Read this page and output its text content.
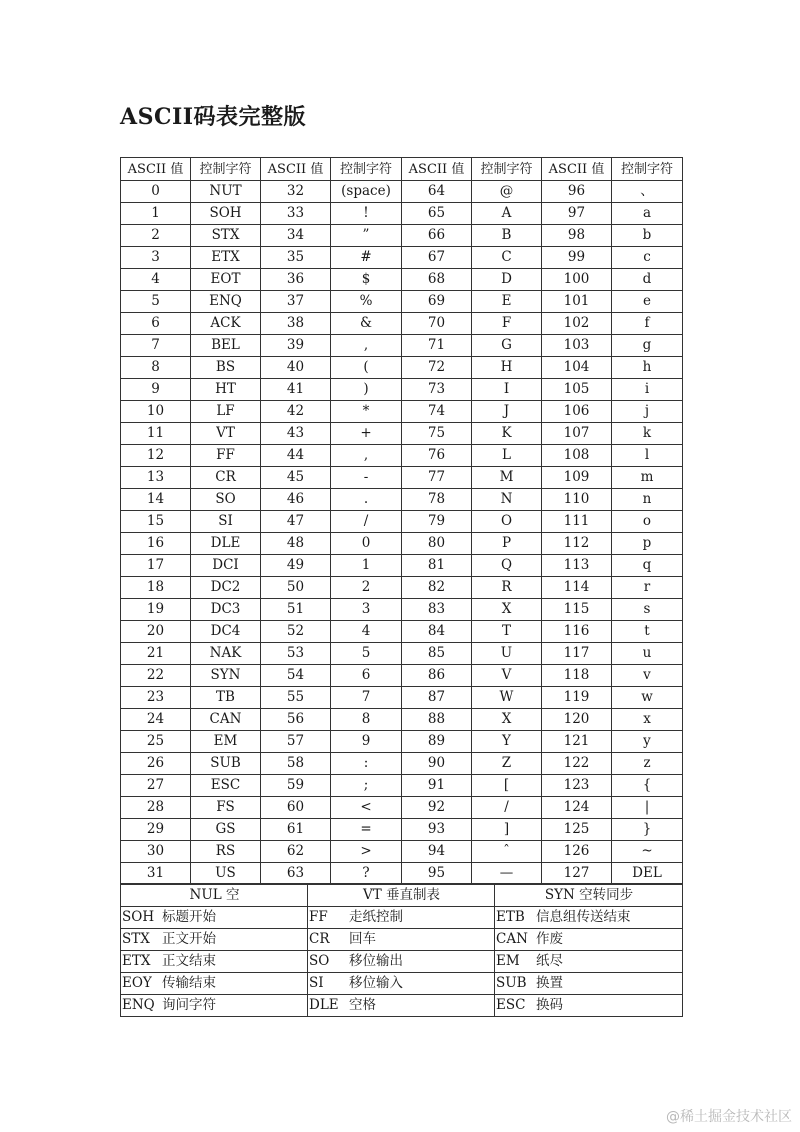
ASCII码表完整版
ASCII 值	控制字符	ASCII 值	控制字符	ASCII 值	控制字符	ASCII 值	控制字符
0	NUT	32	(space)	64	@	96	、
1	SOH	33	!	65	A	97	a
2	STX	34	”	66	B	98	b
3	ETX	35	#	67	C	99	c
4	EOT	36	$	68	D	100	d
5	ENQ	37	%	69	E	101	e
6	ACK	38	&	70	F	102	f
7	BEL	39	,	71	G	103	g
8	BS	40	(	72	H	104	h
9	HT	41	)	73	I	105	i
10	LF	42	*	74	J	106	j
11	VT	43	+	75	K	107	k
12	FF	44	,	76	L	108	l
13	CR	45	-	77	M	109	m
14	SO	46	.	78	N	110	n
15	SI	47	/	79	O	111	o
16	DLE	48	0	80	P	112	p
17	DCI	49	1	81	Q	113	q
18	DC2	50	2	82	R	114	r
19	DC3	51	3	83	X	115	s
20	DC4	52	4	84	T	116	t
21	NAK	53	5	85	U	117	u
22	SYN	54	6	86	V	118	v
23	TB	55	7	87	W	119	w
24	CAN	56	8	88	X	120	x
25	EM	57	9	89	Y	121	y
26	SUB	58	:	90	Z	122	z
27	ESC	59	;	91	[	123	{
28	FS	60	<	92	/	124	|
29	GS	61	=	93	]	125	}
30	RS	62	>	94	ˆ	126	~
31	US	63	?	95	—	127	DEL
NUL 空	VT 垂直制表	SYN 空转同步
SOH 标题开始	FF 走纸控制	ETB 信息组传送结束
STX 正文开始	CR 回车	CAN 作废
ETX 正文结束	SO 移位输出	EM 纸尽
EOY 传输结束	SI 移位输入	SUB 换置
ENQ 询问字符	DLE 空格	ESC 换码
@稀土掘金技术社区
